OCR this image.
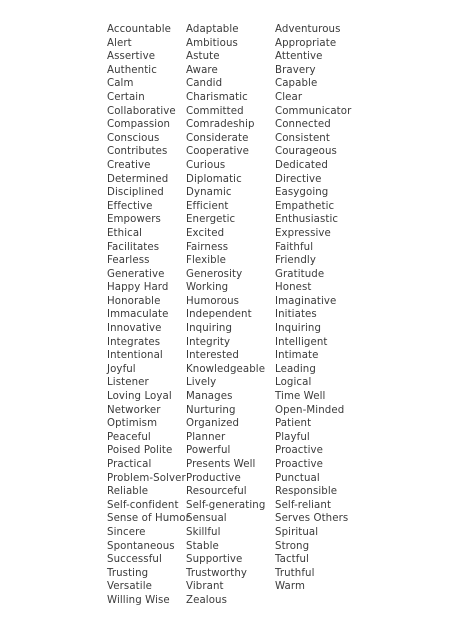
Accountable
Alert
Assertive
Authentic
Calm
Certain
Collaborative
Compassion
Conscious
Contributes
Creative
Determined
Disciplined
Effective
Empowers
Ethical
Facilitates
Fearless
Generative
Happy Hard
Honorable
Immaculate
Innovative
Integrates
Intentional
Joyful
Listener
Loving Loyal
Networker
Optimism
Peaceful
Poised Polite
Practical
Problem-Solver
Reliable
Self-confident
Sense of Humor
Sincere
Spontaneous
Successful
Trusting
Versatile
Willing Wise
Adaptable
Ambitious
Astute
Aware
Candid
Charismatic
Committed
Comradeship
Considerate
Cooperative
Curious
Diplomatic
Dynamic
Efficient
Energetic
Excited
Fairness
Flexible
Generosity
Working
Humorous
Independent
Inquiring
Integrity
Interested
Knowledgeable
Lively
Manages
Nurturing
Organized
Planner
Powerful
Presents Well
Productive
Resourceful
Self-generating
Sensual
Skillful
Stable
Supportive
Trustworthy
Vibrant
Zealous
Adventurous
Appropriate
Attentive
Bravery
Capable
Clear
Communicator
Connected
Consistent
Courageous
Dedicated
Directive
Easygoing
Empathetic
Enthusiastic
Expressive
Faithful
Friendly
Gratitude
Honest
Imaginative
Initiates
Inquiring
Intelligent
Intimate
Leading
Logical
Time Well
Open-Minded
Patient
Playful
Proactive
Proactive
Punctual
Responsible
Self-reliant
Serves Others
Spiritual
Strong
Tactful
Truthful
Warm
